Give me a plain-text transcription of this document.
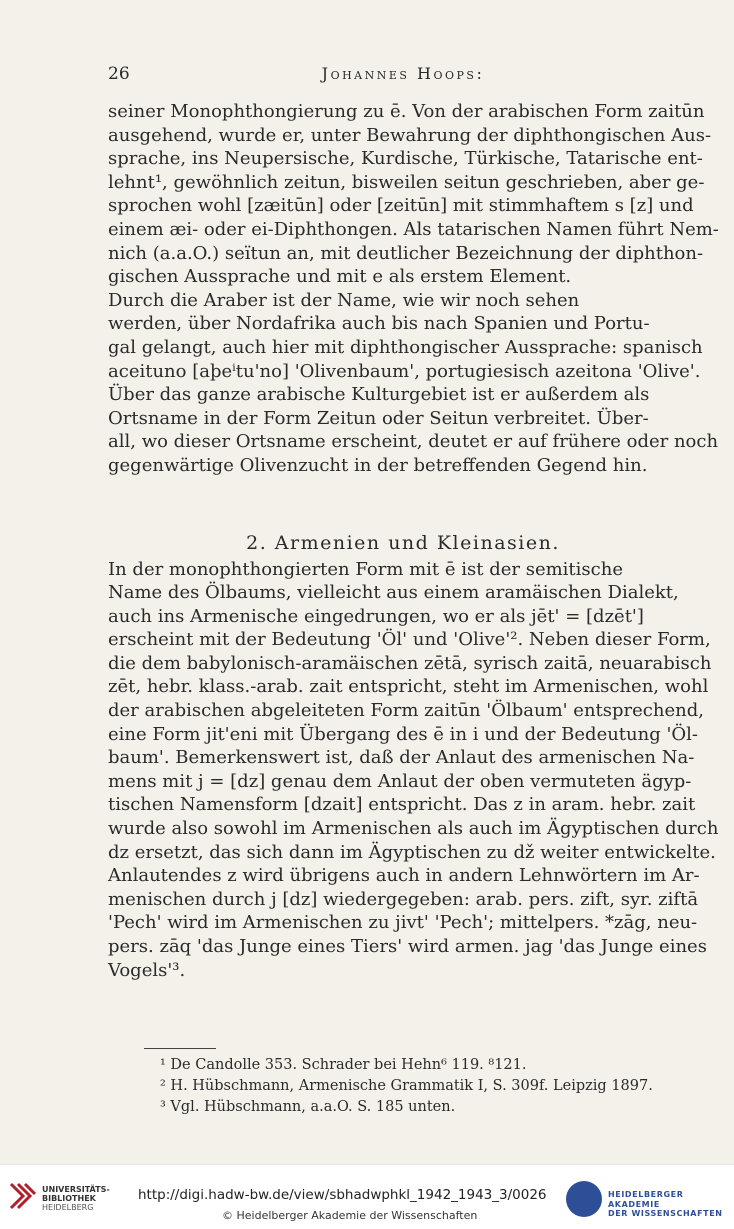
26	Johannes Hoops:
seiner Monophthongierung zu ē. Von der arabischen Form zaitūn
ausgehend, wurde er, unter Bewahrung der diphthongischen Aus-
sprache, ins Neupersische, Kurdische, Türkische, Tatarische ent-
lehnt¹, gewöhnlich zeitun, bisweilen seitun geschrieben, aber ge-
sprochen wohl [zæitūn] oder [zeitūn] mit stimmhaftem s [z] und
einem æi- oder ei-Diphthongen. Als tatarischen Namen führt Nem-
nich (a.a.O.) seïtun an, mit deutlicher Bezeichnung der diphthon-
gischen Aussprache und mit e als erstem Element.
Durch die Araber ist der Name, wie wir noch sehen
werden, über Nordafrika auch bis nach Spanien und Portu-
gal gelangt, auch hier mit diphthongischer Aussprache: spanisch
aceituno [aþeⁱtu'no] 'Olivenbaum', portugiesisch azeitona 'Olive'.
Über das ganze arabische Kulturgebiet ist er außerdem als
Ortsname in der Form Zeitun oder Seitun verbreitet. Über-
all, wo dieser Ortsname erscheint, deutet er auf frühere oder noch
gegenwärtige Olivenzucht in der betreffenden Gegend hin.
2. Armenien und Kleinasien.
In der monophthongierten Form mit ē ist der semitische
Name des Ölbaums, vielleicht aus einem aramäischen Dialekt,
auch ins Armenische eingedrungen, wo er als jēt' = [dzēt']
erscheint mit der Bedeutung 'Öl' und 'Olive'². Neben dieser Form,
die dem babylonisch-aramäischen zētā, syrisch zaitā, neuarabisch
zēt, hebr. klass.-arab. zait entspricht, steht im Armenischen, wohl
der arabischen abgeleiteten Form zaitūn 'Ölbaum' entsprechend,
eine Form jit'eni mit Übergang des ē in i und der Bedeutung 'Öl-
baum'. Bemerkenswert ist, daß der Anlaut des armenischen Na-
mens mit j = [dz] genau dem Anlaut der oben vermuteten ägyp-
tischen Namensform [dzait] entspricht. Das z in aram. hebr. zait
wurde also sowohl im Armenischen als auch im Ägyptischen durch
dz ersetzt, das sich dann im Ägyptischen zu dž weiter entwickelte.
Anlautendes z wird übrigens auch in andern Lehnwörtern im Ar-
menischen durch j [dz] wiedergegeben: arab. pers. zift, syr. ziftā
'Pech' wird im Armenischen zu jivt' 'Pech'; mittelpers. *zāg, neu-
pers. zāq 'das Junge eines Tiers' wird armen. jag 'das Junge eines
Vogels'³.
¹ De Candolle 353. Schrader bei Hehn⁶ 119. ⁸121.
² H. Hübschmann, Armenische Grammatik I, S. 309f. Leipzig 1897.
³ Vgl. Hübschmann, a.a.O. S. 185 unten.
UNIVERSITÄTS-
BIBLIOTHEK
HEIDELBERG
http://digi.hadw-bw.de/view/sbhadwphkl_1942_1943_3/0026
© Heidelberger Akademie der Wissenschaften
HEIDELBERGER AKADEMIE
DER WISSENSCHAFTEN
